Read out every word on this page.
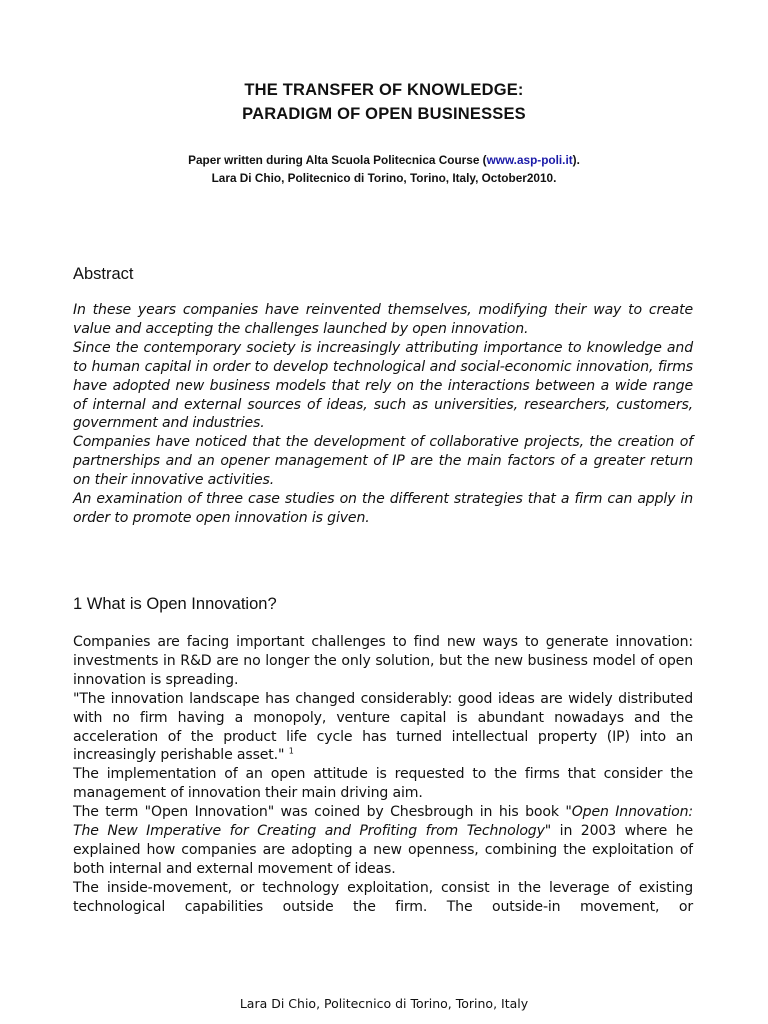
THE TRANSFER OF KNOWLEDGE:
PARADIGM OF OPEN BUSINESSES
Paper written during Alta Scuola Politecnica Course (www.asp-poli.it).
Lara Di Chio, Politecnico di Torino, Torino, Italy, October2010.
Abstract

In these years companies have reinvented themselves, modifying their way to create value and accepting the challenges launched by open innovation.

Since the contemporary society is increasingly attributing importance to knowledge and to human capital in order to develop technological and social-economic innovation, firms have adopted new business models that rely on the interactions between a wide range of internal and external sources of ideas, such as universities, researchers, customers, government and industries.

Companies have noticed that the development of collaborative projects, the creation of partnerships and an opener management of IP are the main factors of a greater return on their innovative activities.

An examination of three case studies on the different strategies that a firm can apply in order to promote open innovation is given.

1 What is Open Innovation?

Companies are facing important challenges to find new ways to generate innovation: investments in R&D are no longer the only solution, but the new business model of open innovation is spreading.

"The innovation landscape has changed considerably: good ideas are widely distributed with no firm having a monopoly, venture capital is abundant nowadays and the acceleration of the product life cycle has turned intellectual property (IP) into an increasingly perishable asset." $^1$

The implementation of an open attitude is requested to the firms that consider the management of innovation their main driving aim.

The term "Open Innovation" was coined by Chesbrough in his book "Open Innovation: The New Imperative for Creating and Profiting from Technology" in 2003 where he explained how companies are adopting a new openness, combining the exploitation of both internal and external movement of ideas.

The inside-movement, or technology exploitation, consist in the leverage of existing technological capabilities outside the firm. The outside-in movement, or

Lara Di Chio, Politecnico di Torino, Torino, Italy
